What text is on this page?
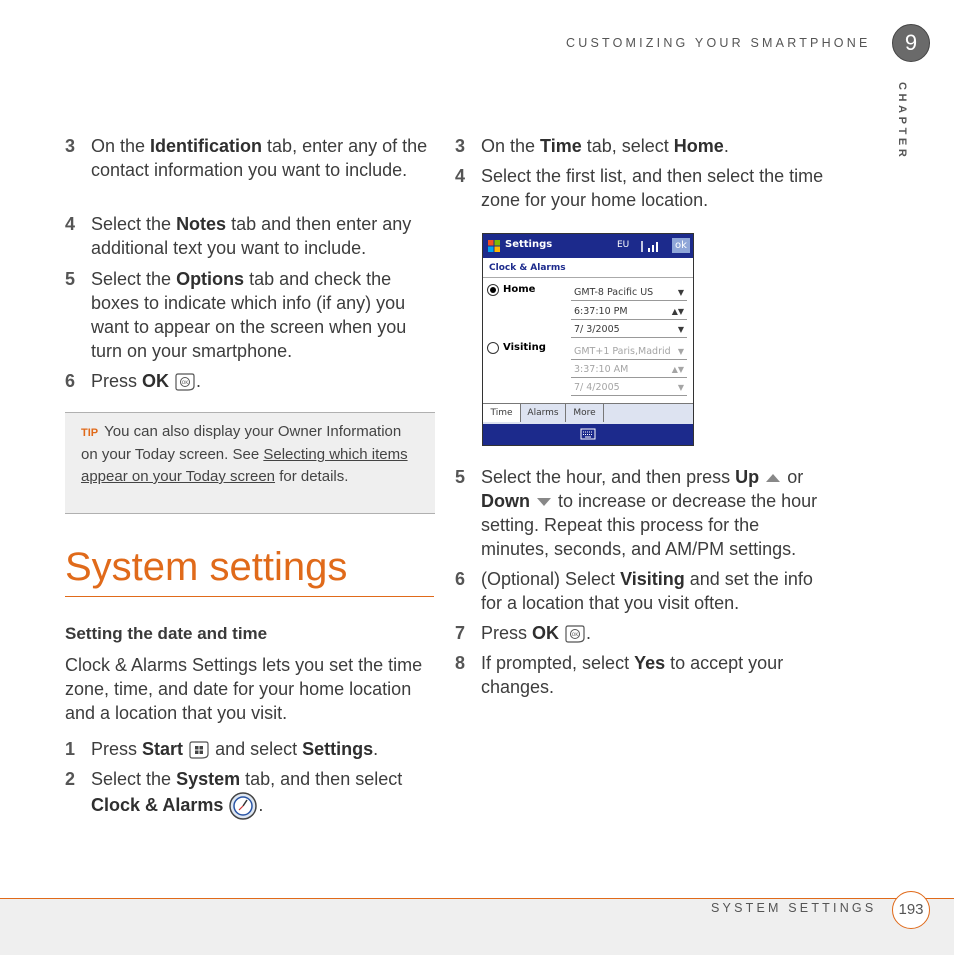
CUSTOMIZING YOUR SMARTPHONE	9
CHAPTER
3 On the Identification tab, enter any of the contact information you want to include.
4 Select the Notes tab and then enter any additional text you want to include.
5 Select the Options tab and check the boxes to indicate which info (if any) you want to appear on the screen when you turn on your smartphone.
6 Press OK	OK .
TIP You can also display your Owner Information on your Today screen. See Selecting which items appear on your Today screen for details.
System settings
Setting the date and time
Clock & Alarms Settings lets you set the time zone, time, and date for your home location and a location that you visit.
1 Press Start  and select Settings.
2 Select the System tab, and then select Clock & Alarms .
3 On the Time tab, select Home.
4 Select the first list, and then select the time zone for your home location.
Settings	EU	ok
Clock & Alarms
Home
Visiting
GMT-8 Pacific US	▼
6:37:10 PM	▲▼
7/ 3/2005	▼
GMT+1 Paris,Madrid ▼
3:37:10 AM	▲▼
7/ 4/2005	▼
Time	Alarms	More
5 Select the hour, and then press Up or Down  to increase or decrease the hour setting. Repeat this process for the minutes, seconds, and AM/PM settings.
6 (Optional) Select Visiting and set the info for a location that you visit often.
7 Press OK	OK .
8 If prompted, select Yes to accept your changes.
SYSTEM SETTINGS	193
